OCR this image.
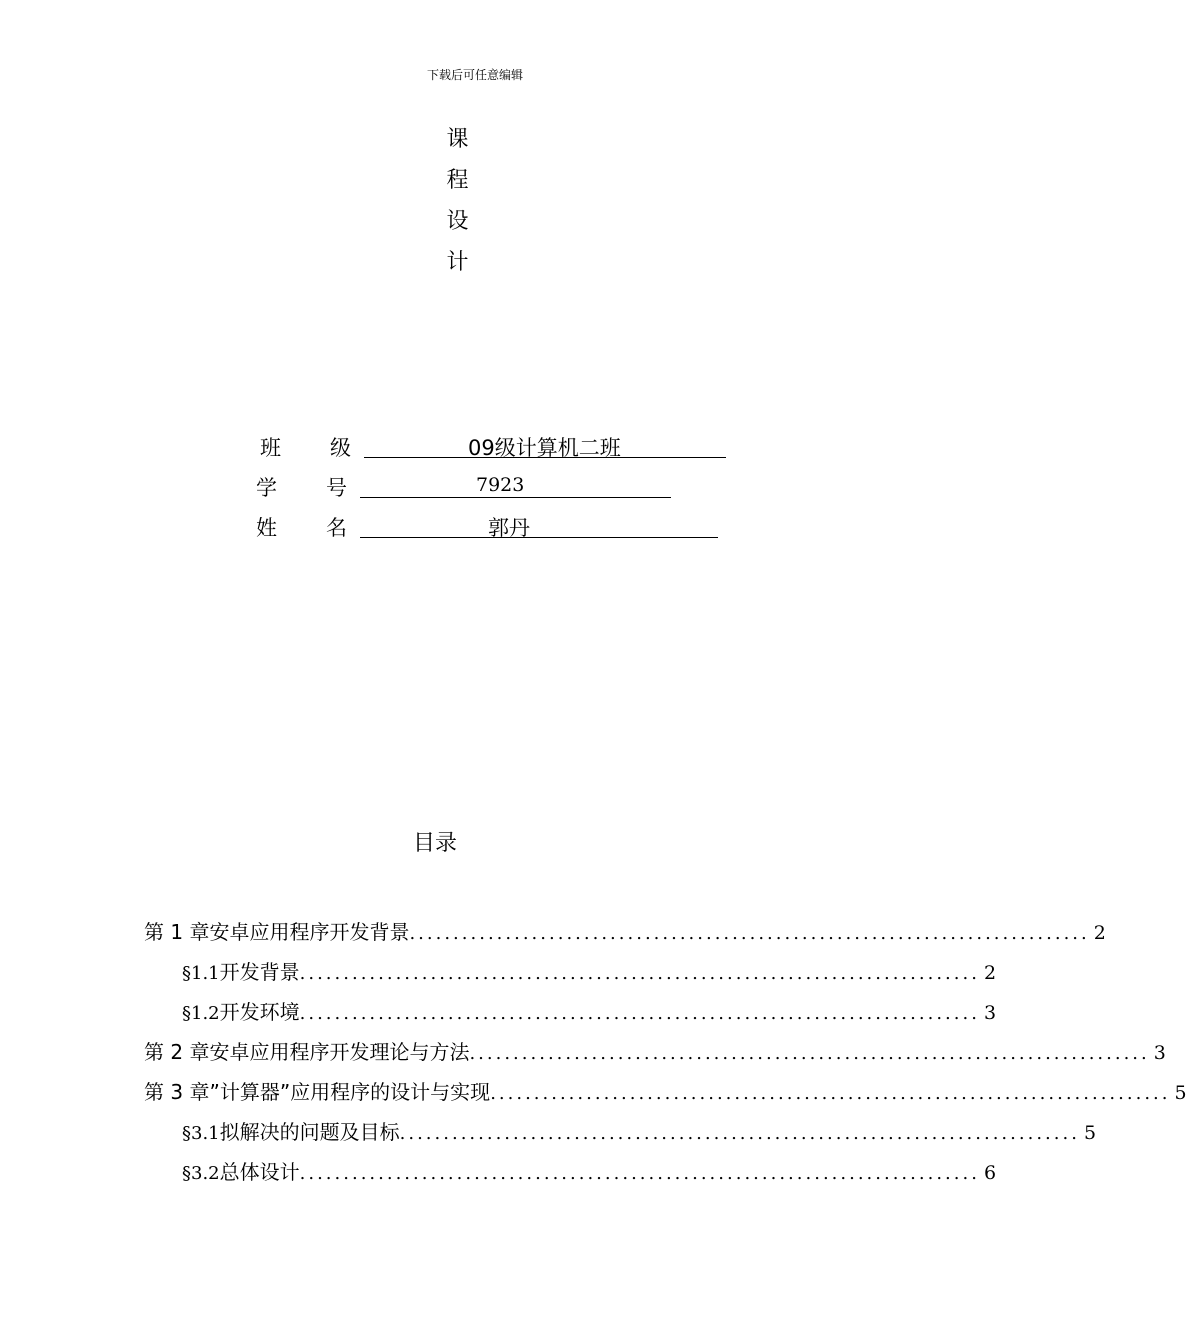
下载后可任意编辑
课
程
设
计
班 级	09级计算机二班
学 号	7923
姓 名	郭丹
目录
第 1 章 安卓应用程序开发背景 .............................................................................. 2
§1.1 开发背景 .............................................................................. 2
§1.2 开发环境 .............................................................................. 3
第 2 章 安卓应用程序开发理论与方法 .............................................................................. 3
第 3 章 ”计算器”应用程序的设计与实现 .............................................................................. 5
§3.1 拟解决的问题及目标 .............................................................................. 5
§3.2 总体设计 .............................................................................. 6
